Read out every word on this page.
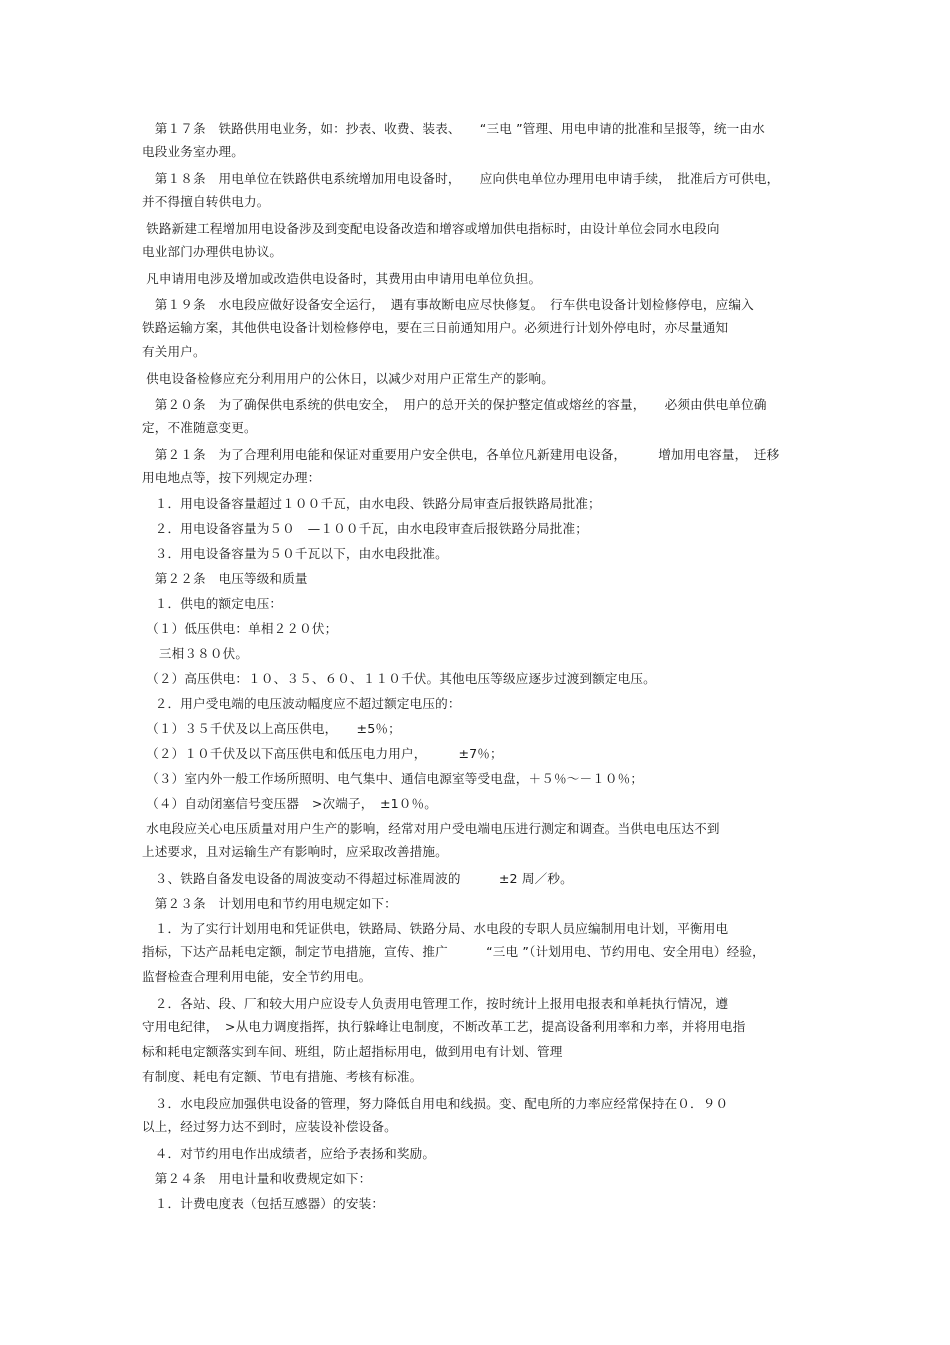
　第１７条　铁路供用电业务，如：抄表、收费、装表、　　“三电 ”管理、用电申请的批准和呈报等，统一由水
电段业务室办理。
　第１８条　用电单位在铁路供电系统增加用电设备时，　　应向供电单位办理用电申请手续，　批准后方可供电，
并不得擅自转供电力。
铁路新建工程增加用电设备涉及到变配电设备改造和增容或增加供电指标时，由设计单位会同水电段向
电业部门办理供电协议。
凡申请用电涉及增加或改造供电设备时，其费用由申请用电单位负担。
　第１９条　水电段应做好设备安全运行，　遇有事故断电应尽快修复。　行车供电设备计划检修停电，应编入
铁路运输方案，其他供电设备计划检修停电，要在三日前通知用户。必须进行计划外停电时，亦尽量通知
有关用户。
供电设备检修应充分利用用户的公休日，以减少对用户正常生产的影响。
　第２０条　为了确保供电系统的供电安全，　用户的总开关的保护整定值或熔丝的容量，　　必须由供电单位确
定，不准随意变更。
　第２１条　为了合理利用电能和保证对重要用户安全供电，各单位凡新建用电设备，　　　增加用电容量，　迁移
用电地点等，按下列规定办理：
　１．用电设备容量超过１００千瓦，由水电段、铁路分局审查后报铁路局批准；
　２．用电设备容量为５０　—１００千瓦，由水电段审查后报铁路分局批准；
　３．用电设备容量为５０千瓦以下，由水电段批准。
　第２２条　电压等级和质量
　１．供电的额定电压：
（１）低压供电：单相２２０伏；
　三相３８０伏。
（２）高压供电：１０、３５、６０、１１０千伏。其他电压等级应逐步过渡到额定电压。
　２．用户受电端的电压波动幅度应不超过额定电压的：
（１）３５千伏及以上高压供电，　　±5％；
（２）１０千伏及以下高压供电和低压电力用户，　　　±7％；
（３）室内外一般工作场所照明、电气集中、通信电源室等受电盘，＋５％～－１０％；
（４）自动闭塞信号变压器　>次端子，　±1０％。
水电段应关心电压质量对用户生产的影响，经常对用户受电端电压进行测定和调查。当供电电压达不到
上述要求，且对运输生产有影响时，应采取改善措施。
　３、铁路自备发电设备的周波变动不得超过标准周波的　　　±2 周／秒。
　第２３条　计划用电和节约用电规定如下：
　１．为了实行计划用电和凭证供电，铁路局、铁路分局、水电段的专职人员应编制用电计划，平衡用电
指标，下达产品耗电定额，制定节电措施，宣传、推广　　　“三电 ”（计划用电、节约用电、安全用电）经验，
监督检查合理利用电能，安全节约用电。
　２．各站、段、厂和较大用户应设专人负责用电管理工作，按时统计上报用电报表和单耗执行情况，遵
守用电纪律，　>从电力调度指挥，执行躲峰让电制度，不断改革工艺，提高设备利用率和力率，并将用电指
标和耗电定额落实到车间、班组，防止超指标用电，做到用电有计划、管理
有制度、耗电有定额、节电有措施、考核有标准。
　３．水电段应加强供电设备的管理，努力降低自用电和线损。变、配电所的力率应经常保持在０．９０
以上，经过努力达不到时，应装设补偿设备。
　４．对节约用电作出成绩者，应给予表扬和奖励。
　第２４条　用电计量和收费规定如下：
　１．计费电度表（包括互感器）的安装：
